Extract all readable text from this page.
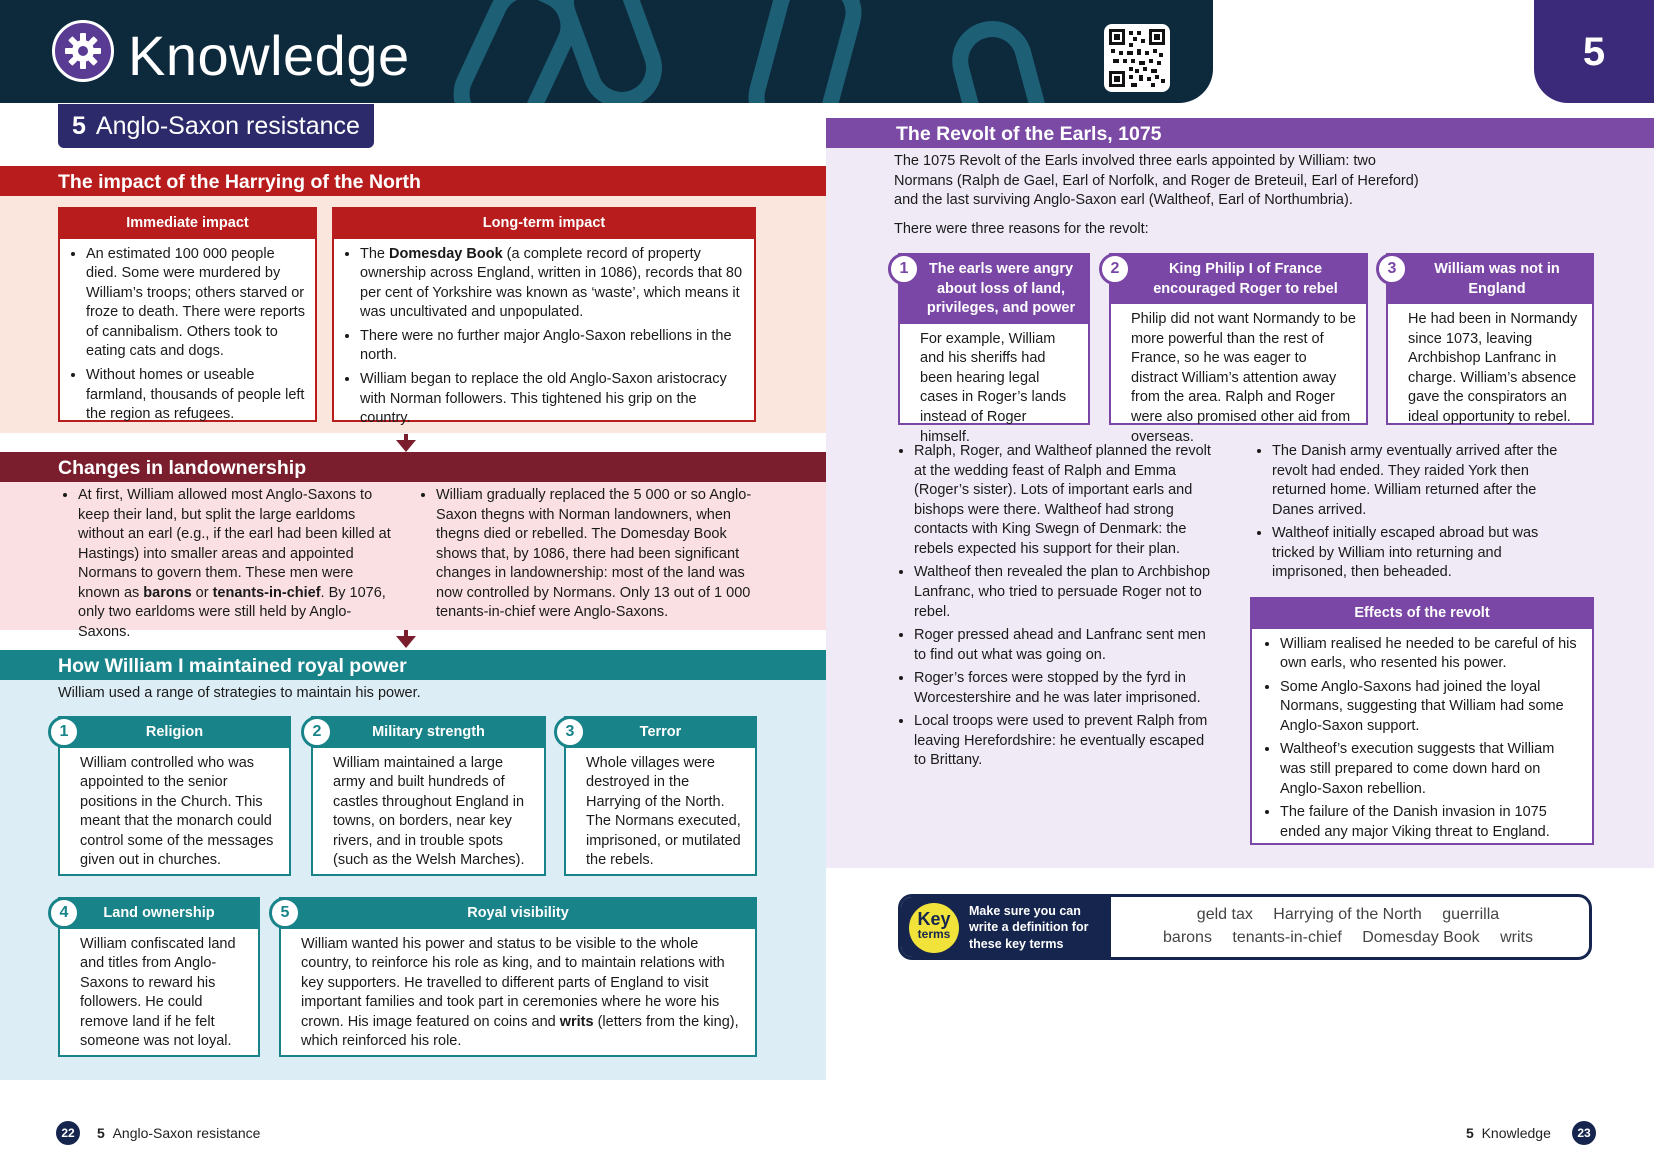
Knowledge	5
5 Anglo-Saxon resistance
The impact of the Harrying of the North
Immediate impact
• An estimated 100 000 people died. Some were murdered by William’s troops; others starved or froze to death. There were reports of cannibalism. Others took to eating cats and dogs.
• Without homes or useable farmland, thousands of people left the region as refugees.
Long-term impact
• The Domesday Book (a complete record of property ownership across England, written in 1086), records that 80 per cent of Yorkshire was known as ‘waste’, which means it was uncultivated and unpopulated.
• There were no further major Anglo-Saxon rebellions in the north.
• William began to replace the old Anglo-Saxon aristocracy with Norman followers. This tightened his grip on the country.
Changes in landownership
• At first, William allowed most Anglo-Saxons to keep their land, but split the large earldoms without an earl (e.g., if the earl had been killed at Hastings) into smaller areas and appointed Normans to govern them. These men were known as barons or tenants-in-chief. By 1076, only two earldoms were still held by Anglo-Saxons.
• William gradually replaced the 5 000 or so Anglo-Saxon thegns with Norman landowners, when thegns died or rebelled. The Domesday Book shows that, by 1086, there had been significant changes in landownership: most of the land was now controlled by Normans. Only 13 out of 1 000 tenants-in-chief were Anglo-Saxons.
How William I maintained royal power
William used a range of strategies to maintain his power.
1	Religion
William controlled who was appointed to the senior positions in the Church. This meant that the monarch could control some of the messages given out in churches.
2	Military strength
William maintained a large army and built hundreds of castles throughout England in towns, on borders, near key rivers, and in trouble spots (such as the Welsh Marches).
3	Terror
Whole villages were destroyed in the Harrying of the North. The Normans executed, imprisoned, or mutilated the rebels.
4	Land ownership
William confiscated land and titles from Anglo-Saxons to reward his followers. He could remove land if he felt someone was not loyal.
5	Royal visibility
William wanted his power and status to be visible to the whole country, to reinforce his role as king, and to maintain relations with key supporters. He travelled to different parts of England to visit important families and took part in ceremonies where he wore his crown. His image featured on coins and writs (letters from the king), which reinforced his role.
The Revolt of the Earls, 1075
The 1075 Revolt of the Earls involved three earls appointed by William: two Normans (Ralph de Gael, Earl of Norfolk, and Roger de Breteuil, Earl of Hereford) and the last surviving Anglo-Saxon earl (Waltheof, Earl of Northumbria).
There were three reasons for the revolt:
1	The earls were angry about loss of land, privileges, and power
For example, William and his sheriffs had been hearing legal cases in Roger’s lands instead of Roger himself.
2	King Philip I of France encouraged Roger to rebel
Philip did not want Normandy to be more powerful than the rest of France, so he was eager to distract William’s attention away from the area. Ralph and Roger were also promised other aid from overseas.
3	William was not in England
He had been in Normandy since 1073, leaving Archbishop Lanfranc in charge. William’s absence gave the conspirators an ideal opportunity to rebel.
• Ralph, Roger, and Waltheof planned the revolt at the wedding feast of Ralph and Emma (Roger’s sister). Lots of important earls and bishops were there. Waltheof had strong contacts with King Swegn of Denmark: the rebels expected his support for their plan.
• Waltheof then revealed the plan to Archbishop Lanfranc, who tried to persuade Roger not to rebel.
• Roger pressed ahead and Lanfranc sent men to find out what was going on.
• Roger’s forces were stopped by the fyrd in Worcestershire and he was later imprisoned.
• Local troops were used to prevent Ralph from leaving Herefordshire: he eventually escaped to Brittany.
• The Danish army eventually arrived after the revolt had ended. They raided York then returned home. William returned after the Danes arrived.
• Waltheof initially escaped abroad but was tricked by William into returning and imprisoned, then beheaded.
Effects of the revolt
• William realised he needed to be careful of his own earls, who resented his power.
• Some Anglo-Saxons had joined the loyal Normans, suggesting that William had some Anglo-Saxon support.
• Waltheof’s execution suggests that William was still prepared to come down hard on Anglo-Saxon rebellion.
• The failure of the Danish invasion in 1075 ended any major Viking threat to England.
Key
terms
Make sure you can write a definition for these key terms
geld tax Harrying of the North guerrilla
barons tenants-in-chief Domesday Book writs
22	5 Anglo-Saxon resistance	5 Knowledge	23
